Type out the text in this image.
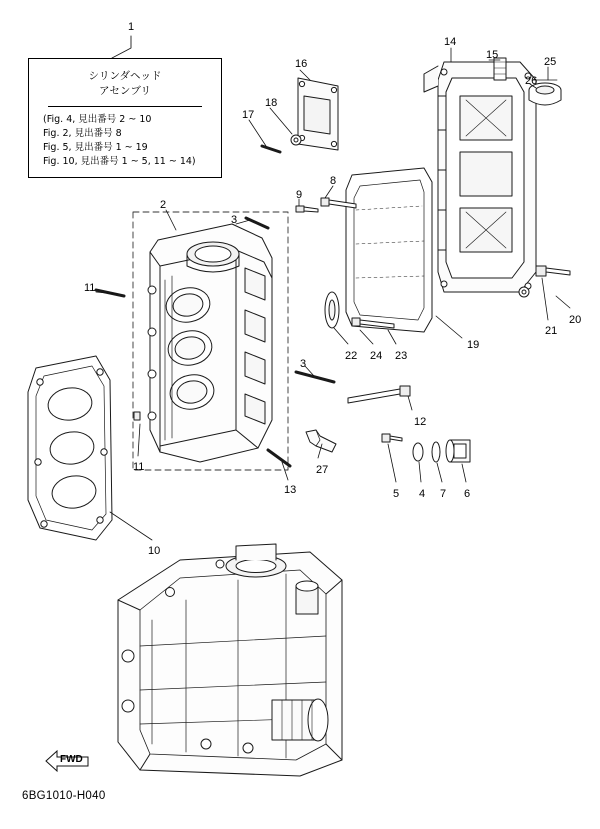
シリンダヘッド
アセンブリ
(Fig. 4, 見出番号 2 ~ 10
Fig. 2, 見出番号 8
Fig. 5, 見出番号 1 ~ 19
Fig. 10, 見出番号 1 ~ 5, 11 ~ 14)
1
14
15
25
26
16
17
18
2
3
8
9
11
19
22 24 23
3
21
20
12
11
13
27
5 4 7 6
10
FWD
6BG1010-H040
